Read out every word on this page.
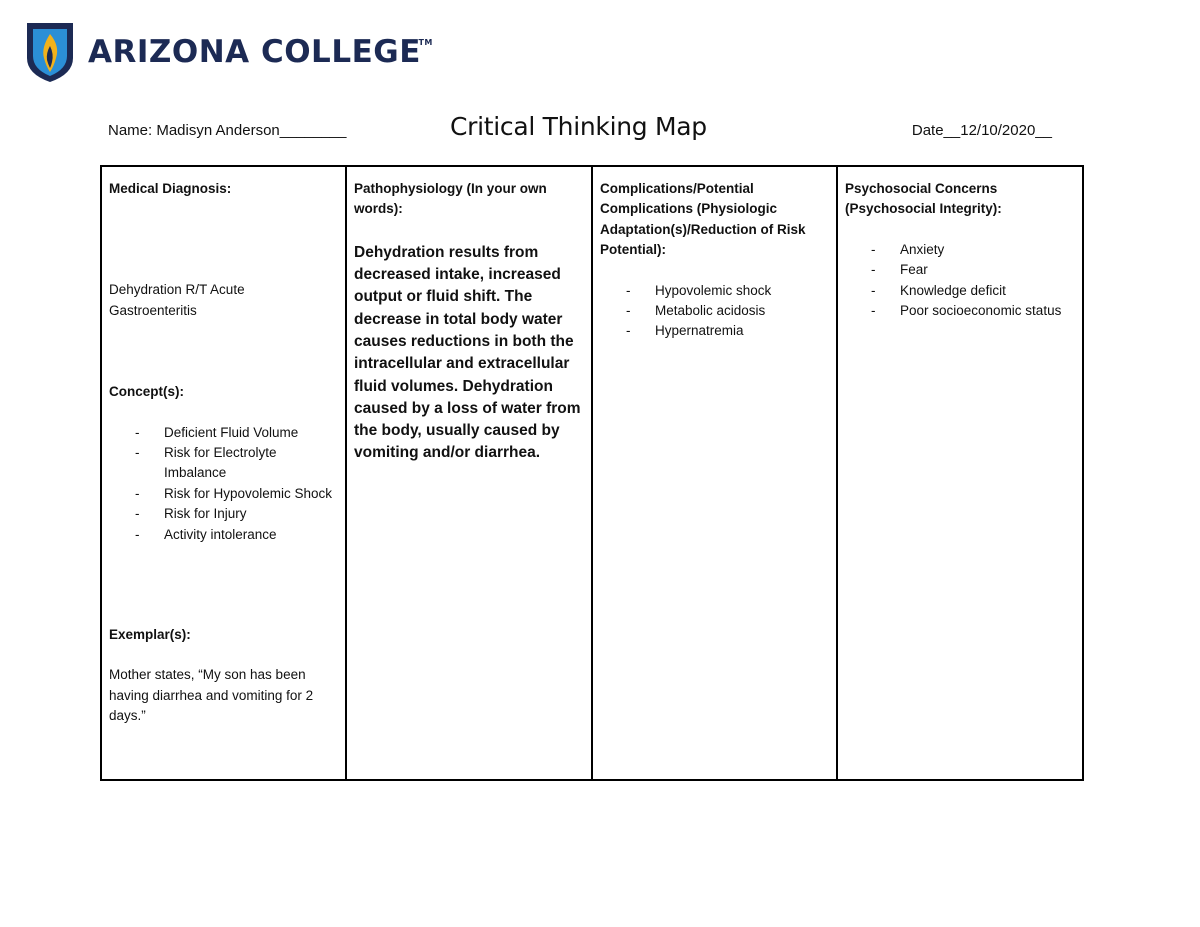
ARIZONA COLLEGE
TM
Name: Madisyn Anderson________	Critical Thinking Map	Date__12/10/2020__
Medical Diagnosis:
Dehydration R/T Acute
Gastroenteritis
Concept(s):
- Deficient Fluid Volume
- Risk for Electrolyte Imbalance
- Risk for Hypovolemic Shock
- Risk for Injury
- Activity intolerance
Exemplar(s):
Mother states, “My son has been having diarrhea and vomiting for 2 days.”
Pathophysiology (In your own words):
Dehydration results from decreased intake, increased output or fluid shift. The decrease in total body water causes reductions in both the intracellular and extracellular fluid volumes. Dehydration caused by a loss of water from the body, usually caused by vomiting and/or diarrhea.
Complications/Potential Complications (Physiologic Adaptation(s)/Reduction of Risk Potential):
- Hypovolemic shock
- Metabolic acidosis
- Hypernatremia
Psychosocial Concerns (Psychosocial Integrity):
- Anxiety
- Fear
- Knowledge deficit
- Poor socioeconomic status
